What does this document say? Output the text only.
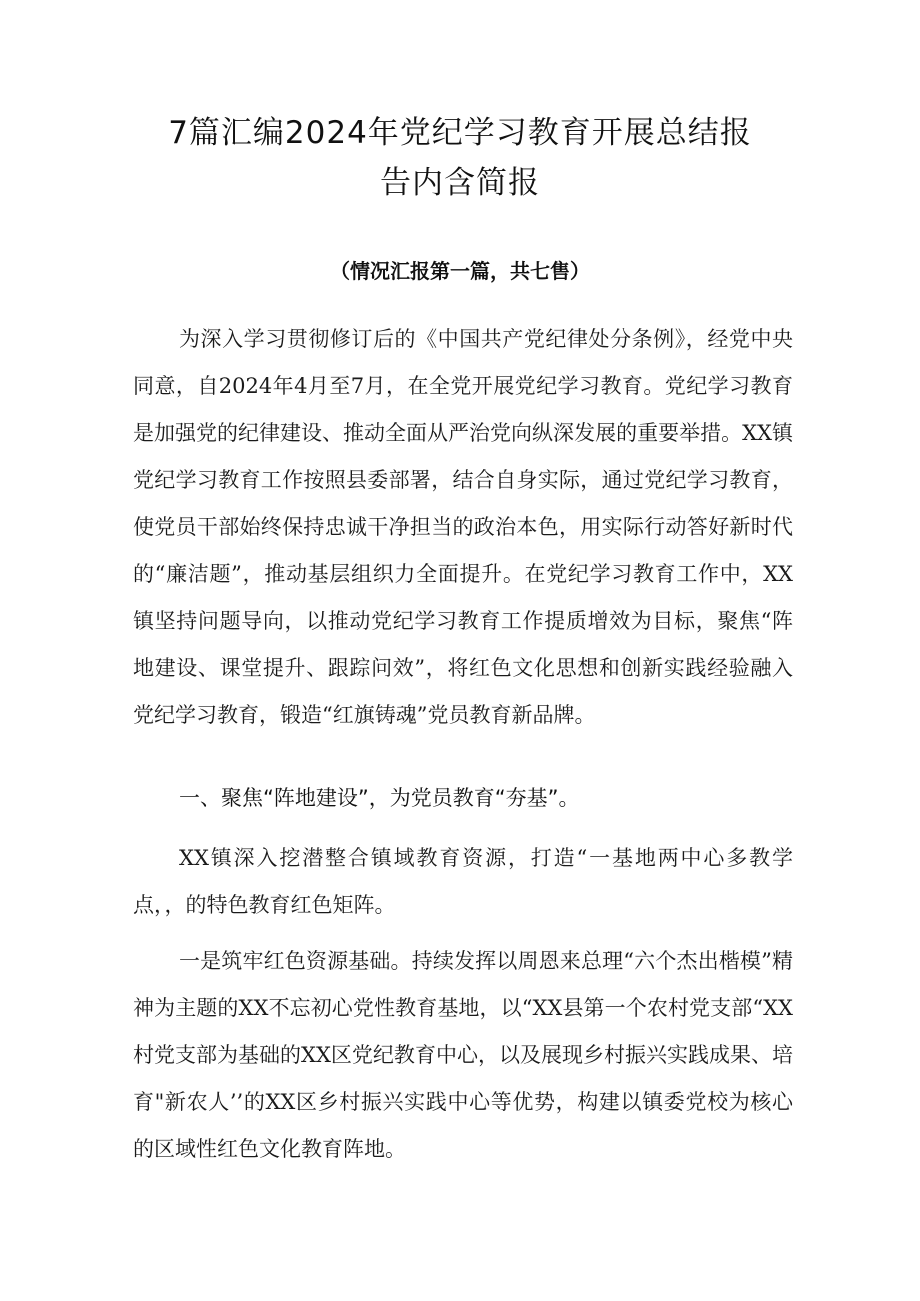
7篇汇编2024年党纪学习教育开展总结报
告内含简报
（情况汇报第一篇，共七售）

为深入学习贯彻修订后的《中国共产党纪律处分条例》，经党中央同意，自2024年4月至7月，在全党开展党纪学习教育。党纪学习教育是加强党的纪律建设、推动全面从严治党向纵深发展的重要举措。XX镇党纪学习教育工作按照县委部署，结合自身实际，通过党纪学习教育，使党员干部始终保持忠诚干净担当的政治本色，用实际行动答好新时代的“廉洁题”，推动基层组织力全面提升。在党纪学习教育工作中，XX镇坚持问题导向，以推动党纪学习教育工作提质增效为目标，聚焦“阵地建设、课堂提升、跟踪问效”，将红色文化思想和创新实践经验融入党纪学习教育，锻造“红旗铸魂”党员教育新品牌。

一、聚焦“阵地建设”，为党员教育“夯基”。

XX镇深入挖潜整合镇域教育资源，打造“一基地两中心多教学点，，的特色教育红色矩阵。

一是筑牢红色资源基础。持续发挥以周恩来总理“六个杰出楷模”精神为主题的XX不忘初心党性教育基地，以“XX县第一个农村党支部“XX村党支部为基础的XX区党纪教育中心，以及展现乡村振兴实践成果、培育"新农人’’的XX区乡村振兴实践中心等优势，构建以镇委党校为核心的区域性红色文化教育阵地。
